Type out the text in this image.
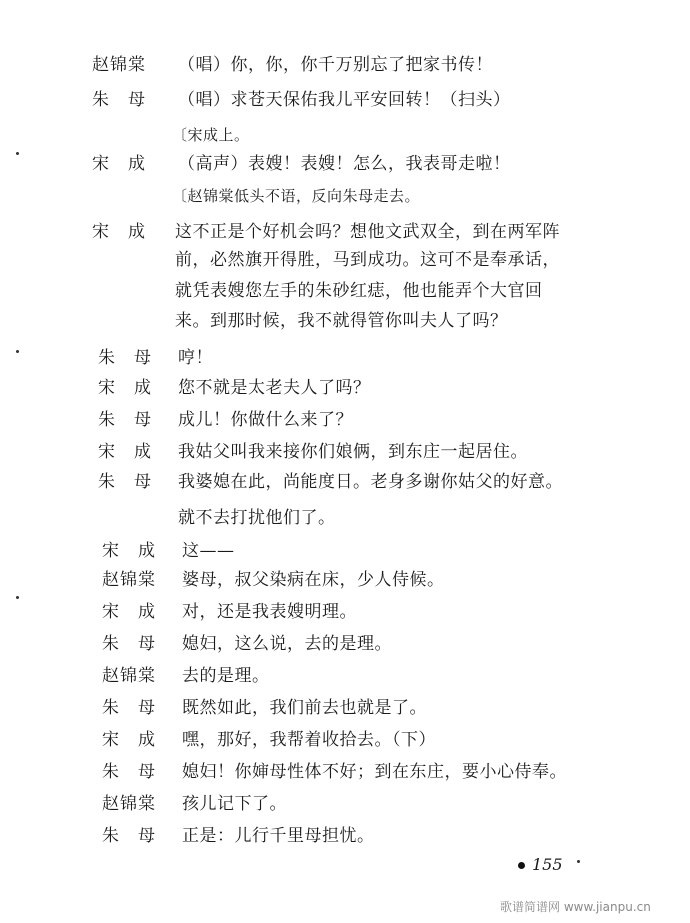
赵锦棠 （唱）你，你，你千万别忘了把家书传！
朱　母 （唱）求苍天保佑我儿平安回转！（扫头）
〔宋成上。
宋　成 （高声）表嫂！表嫂！怎么，我表哥走啦！
〔赵锦棠低头不语，反向朱母走去。
宋　成 这不正是个好机会吗？想他文武双全，到在两军阵
前，必然旗开得胜，马到成功。这可不是奉承话，
就凭表嫂您左手的朱砂红痣，他也能弄个大官回
来。到那时候，我不就得管你叫夫人了吗？
朱　母 哼！
宋　成 您不就是太老夫人了吗？
朱　母 成儿！你做什么来了？
宋　成 我姑父叫我来接你们娘俩，到东庄一起居住。
朱　母 我婆媳在此，尚能度日。老身多谢你姑父的好意。
就不去打扰他们了。
宋　成 这——
赵锦棠 婆母，叔父染病在床，少人侍候。
宋　成 对，还是我表嫂明理。
朱　母 媳妇，这么说，去的是理。
赵锦棠 去的是理。
朱　母 既然如此，我们前去也就是了。
宋　成 嘿，那好，我帮着收拾去。（下）
朱　母 媳妇！你婶母性体不好；到在东庄，要小心侍奉。
赵锦棠 孩儿记下了。
朱　母 正是：儿行千里母担忧。
155
歌谱简谱网 www.jianpu.cn
